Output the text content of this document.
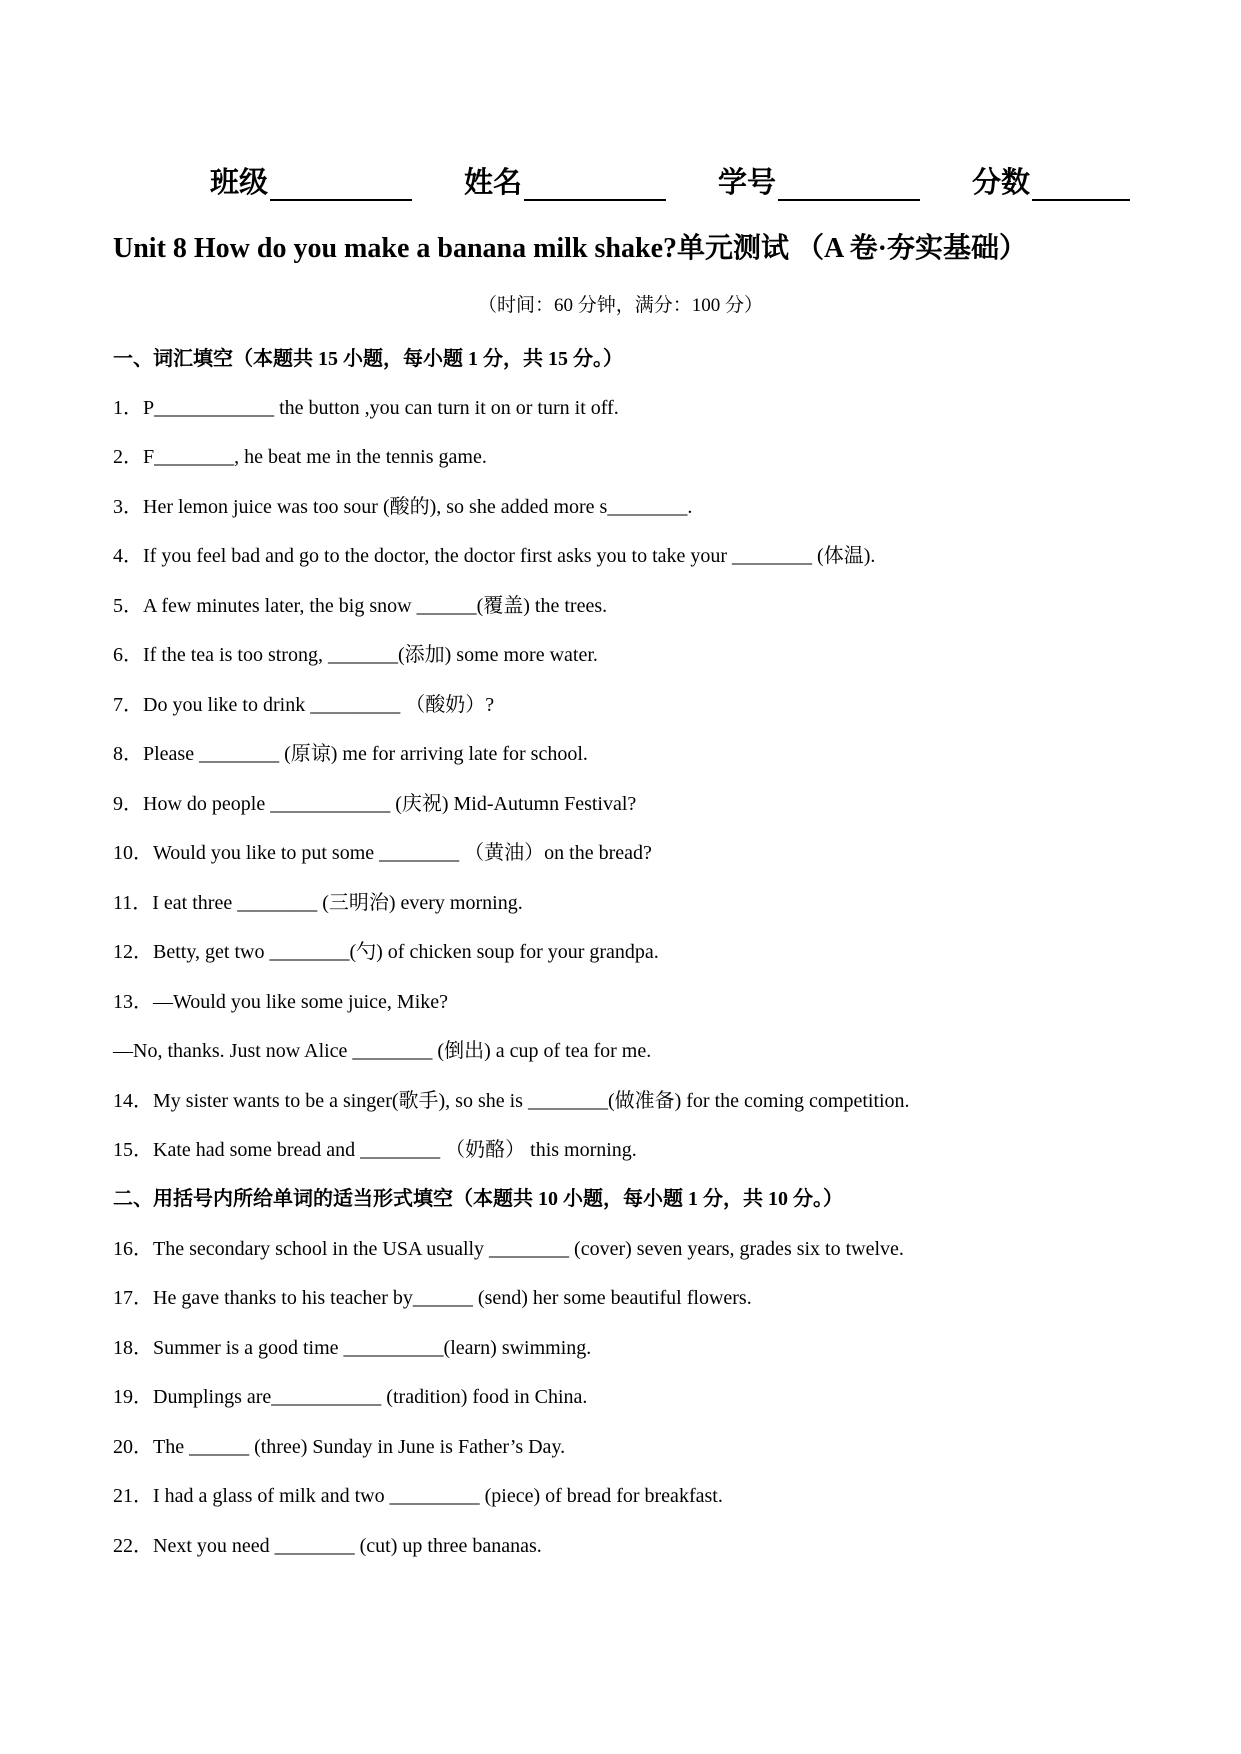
班级	姓名	学号	分数
Unit 8 How do you make a banana milk shake?单元测试 （A 卷·夯实基础）
（时间：60 分钟，满分：100 分）
一、词汇填空（本题共 15 小题，每小题 1 分，共 15 分。）
1．P____________ the button ,you can turn it on or turn it off.
2．F________, he beat me in the tennis game.
3．Her lemon juice was too sour (酸的), so she added more s________.
4．If you feel bad and go to the doctor, the doctor first asks you to take your ________ (体温).
5．A few minutes later, the big snow ______(覆盖) the trees.
6．If the tea is too strong, _______(添加) some more water.
7．Do you like to drink _________ （酸奶）?
8．Please ________ (原谅) me for arriving late for school.
9．How do people ____________ (庆祝) Mid-Autumn Festival?
10．Would you like to put some ________ （黄油）on the bread?
11．I eat three ________ (三明治) every morning.
12．Betty, get two ________(勺) of chicken soup for your grandpa.
13．—Would you like some juice, Mike?
—No, thanks. Just now Alice ________ (倒出) a cup of tea for me.
14．My sister wants to be a singer(歌手), so she is ________(做准备) for the coming competition.
15．Kate had some bread and ________ （奶酪） this morning.
二、用括号内所给单词的适当形式填空（本题共 10 小题，每小题 1 分，共 10 分。）
16．The secondary school in the USA usually ________ (cover) seven years, grades six to twelve.
17．He gave thanks to his teacher by______ (send) her some beautiful flowers.
18．Summer is a good time __________(learn) swimming.
19．Dumplings are___________ (tradition) food in China.
20．The ______ (three) Sunday in June is Father’s Day.
21．I had a glass of milk and two _________ (piece) of bread for breakfast.
22．Next you need ________ (cut) up three bananas.
